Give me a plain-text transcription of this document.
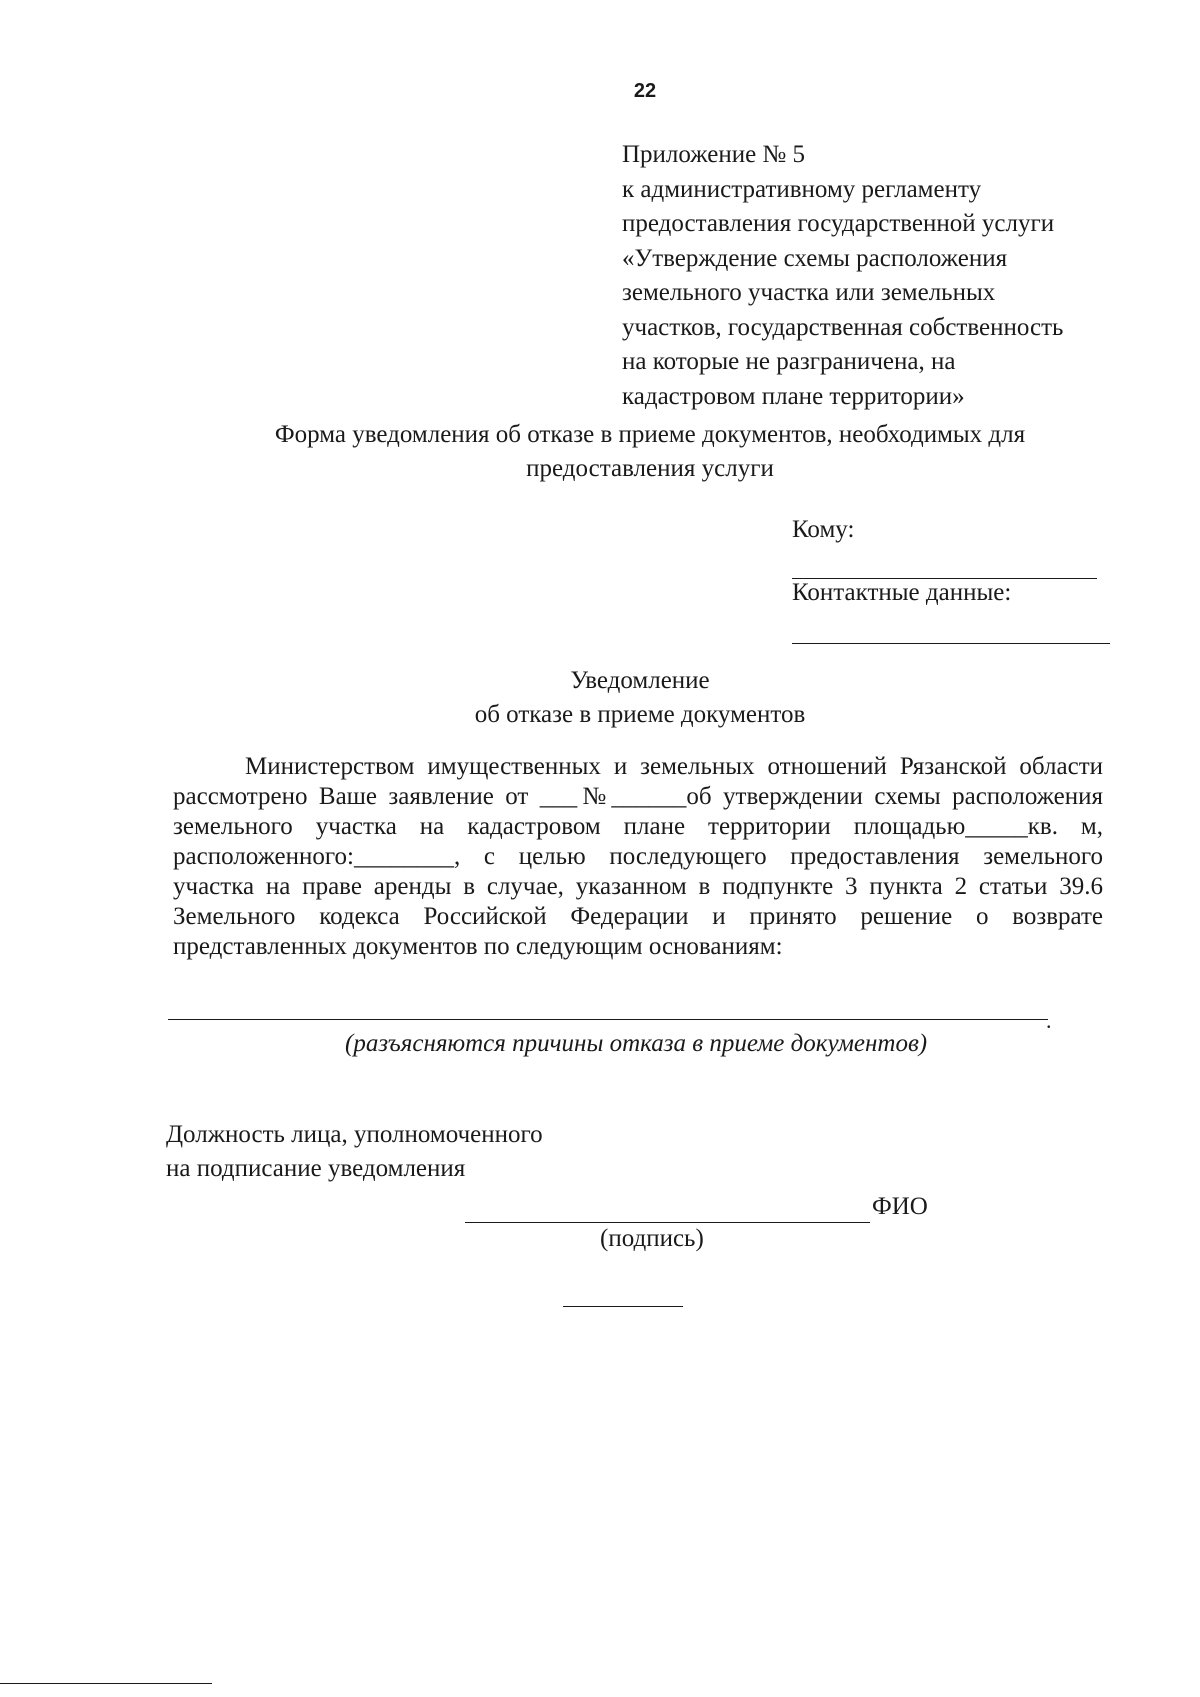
22
Приложение № 5
к административному регламенту
предоставления государственной услуги
«Утверждение схемы расположения
земельного участка или земельных
участков, государственная собственность
на которые не разграничена, на
кадастровом плане территории»
Форма уведомления об отказе в приеме документов, необходимых для
предоставления услуги
Кому:
Контактные данные:
Уведомление
об отказе в приеме документов

Министерством имущественных и земельных отношений Рязанской области рассмотрено Ваше заявление от ___№______об утверждении схемы расположения земельного участка на кадастровом плане территории площадью_____кв. м, расположенного:________, с целью последующего предоставления земельного участка на праве аренды в случае, указанном в подпункте 3 пункта 2 статьи 39.6 Земельного кодекса Российской Федерации и принято решение о возврате представленных документов по следующим основаниям:

.
(разъясняются причины отказа в приеме документов)
Должность лица, уполномоченного
на подписание уведомления
ФИО
(подпись)
